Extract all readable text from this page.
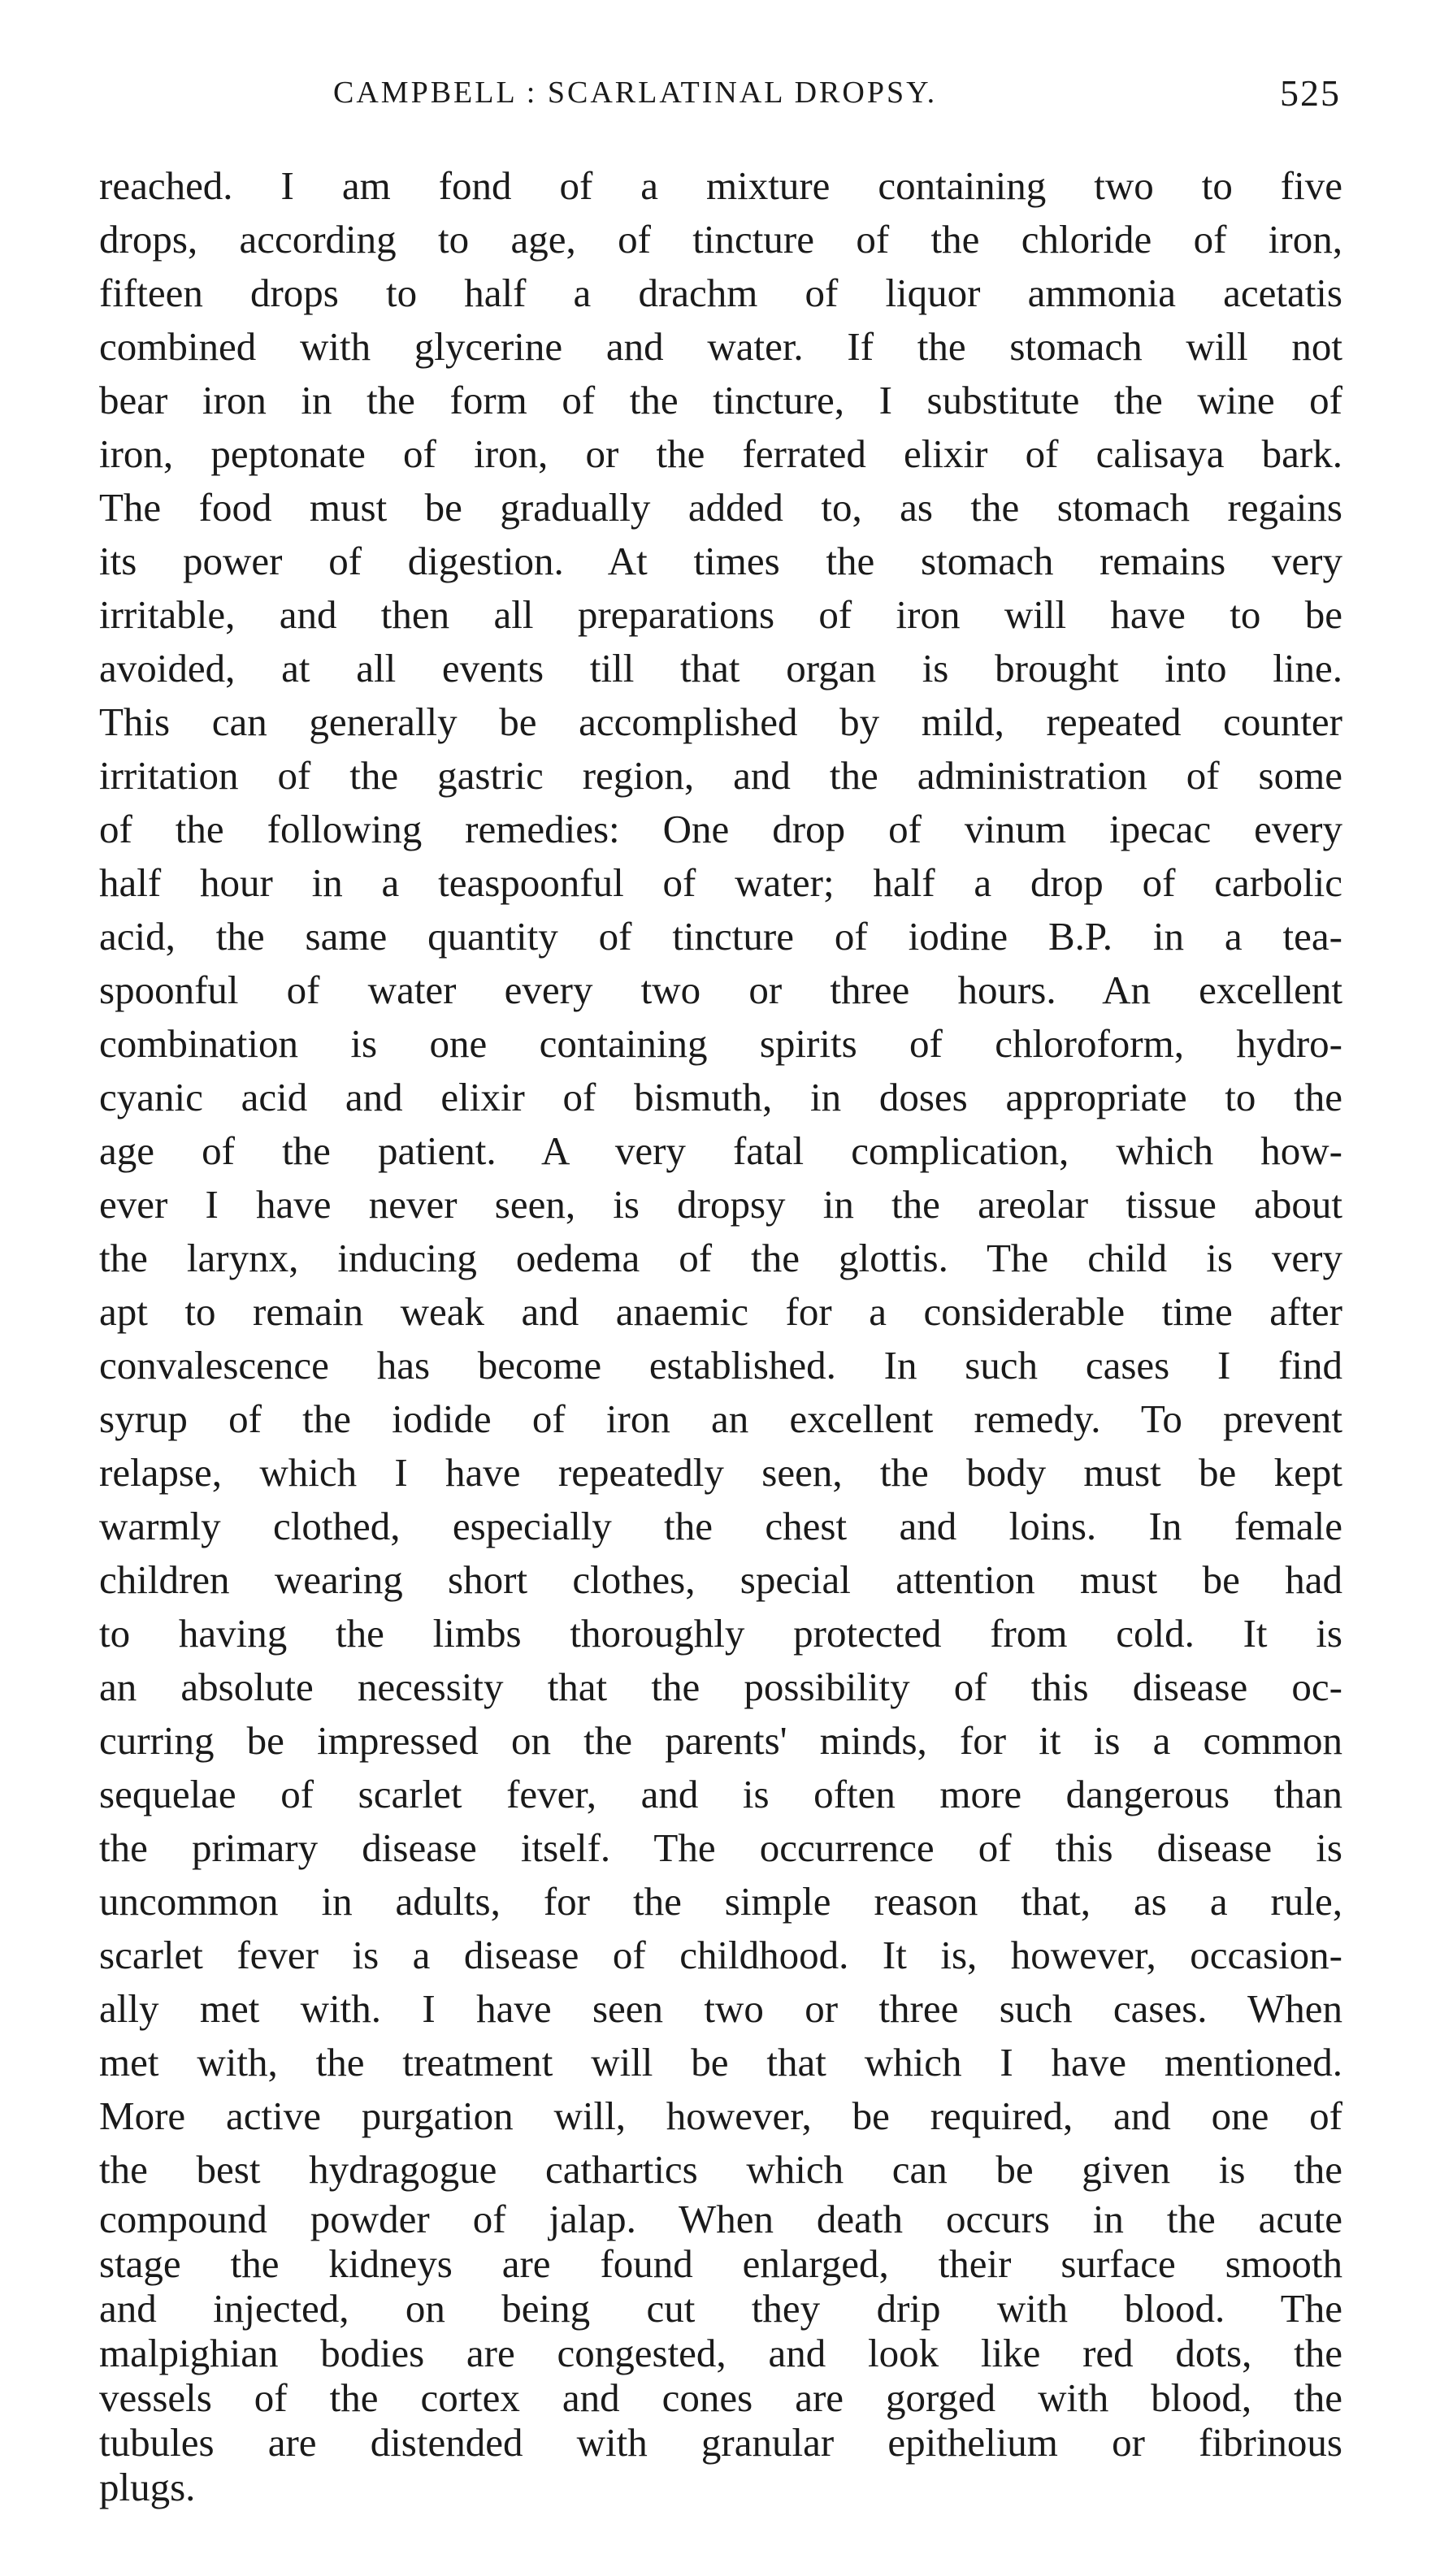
CAMPBELL : SCARLATINAL DROPSY.	525
reached. I am fond of a mixture containing two to five
drops, according to age, of tincture of the chloride of iron,
fifteen drops to half a drachm of liquor ammonia acetatis
combined with glycerine and water. If the stomach will not
bear iron in the form of the tincture, I substitute the wine of
iron, peptonate of iron, or the ferrated elixir of calisaya bark.
The food must be gradually added to, as the stomach regains
its power of digestion. At times the stomach remains very
irritable, and then all preparations of iron will have to be
avoided, at all events till that organ is brought into line.
This can generally be accomplished by mild, repeated counter
irritation of the gastric region, and the administration of some
of the following remedies: One drop of vinum ipecac every
half hour in a teaspoonful of water; half a drop of carbolic
acid, the same quantity of tincture of iodine B.P. in a tea-
spoonful of water every two or three hours. An excellent
combination is one containing spirits of chloroform, hydro-
cyanic acid and elixir of bismuth, in doses appropriate to the
age of the patient. A very fatal complication, which how-
ever I have never seen, is dropsy in the areolar tissue about
the larynx, inducing oedema of the glottis. The child is very
apt to remain weak and anaemic for a considerable time after
convalescence has become established. In such cases I find
syrup of the iodide of iron an excellent remedy. To prevent
relapse, which I have repeatedly seen, the body must be kept
warmly clothed, especially the chest and loins. In female
children wearing short clothes, special attention must be had
to having the limbs thoroughly protected from cold. It is
an absolute necessity that the possibility of this disease oc-
curring be impressed on the parents' minds, for it is a common
sequelae of scarlet fever, and is often more dangerous than
the primary disease itself. The occurrence of this disease is
uncommon in adults, for the simple reason that, as a rule,
scarlet fever is a disease of childhood. It is, however, occasion-
ally met with. I have seen two or three such cases. When
met with, the treatment will be that which I have mentioned.
More active purgation will, however, be required, and one of
the best hydragogue cathartics which can be given is the
compound powder of jalap. When death occurs in the acute
stage the kidneys are found enlarged, their surface smooth
and injected, on being cut they drip with blood. The
malpighian bodies are congested, and look like red dots, the
vessels of the cortex and cones are gorged with blood, the
tubules are distended with granular epithelium or fibrinous
plugs.
